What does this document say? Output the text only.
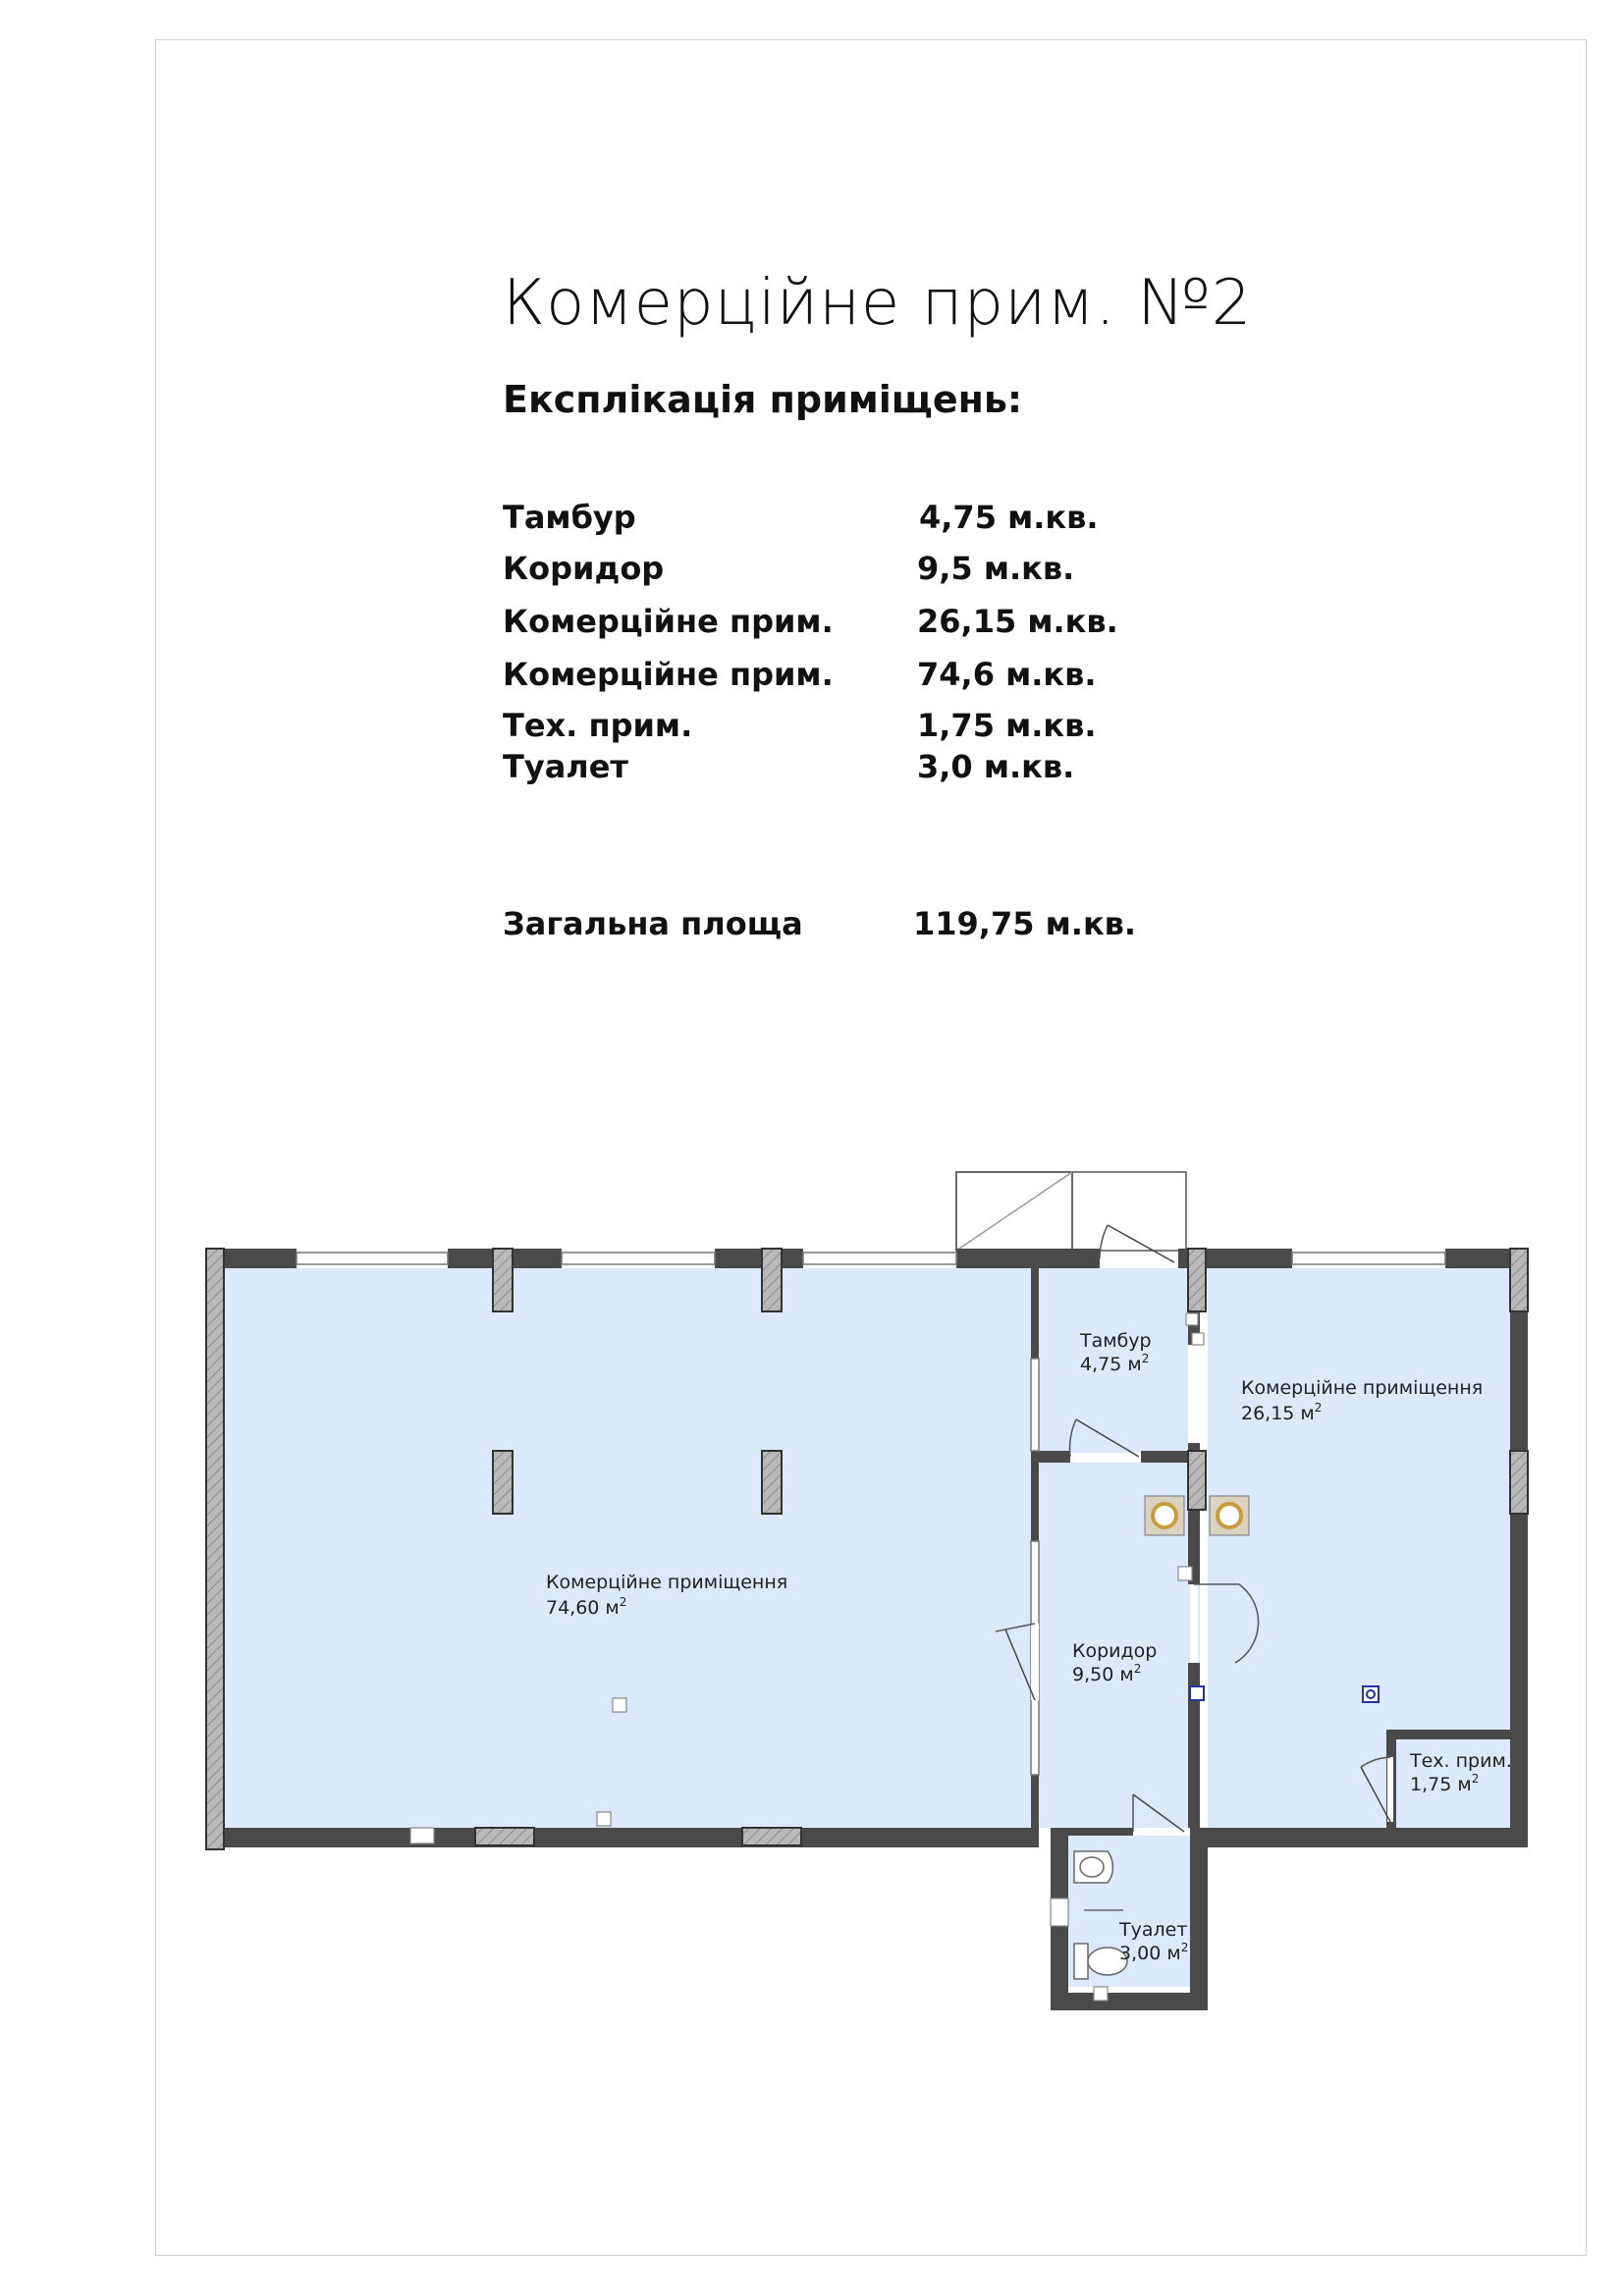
Комерційне прим. №2
Експлікація приміщень:
Тамбур	4,75 м.кв.
Коридор	9,5 м.кв.
Комерційне прим.	26,15 м.кв.
Комерційне прим.	74,6 м.кв.
Тех. прим.	1,75 м.кв.
Туалет	3,0 м.кв.
Загальна площа	119,75 м.кв.
Комерційне приміщення
74,60 $м^2$
Тамбур
4,75 $м^2$
Комерційне приміщення
26,15 $м^2$
Коридор
9,50 $м^2$
Тех. прим.
1,75 $м^2$
Туалет
3,00 $м^2$
